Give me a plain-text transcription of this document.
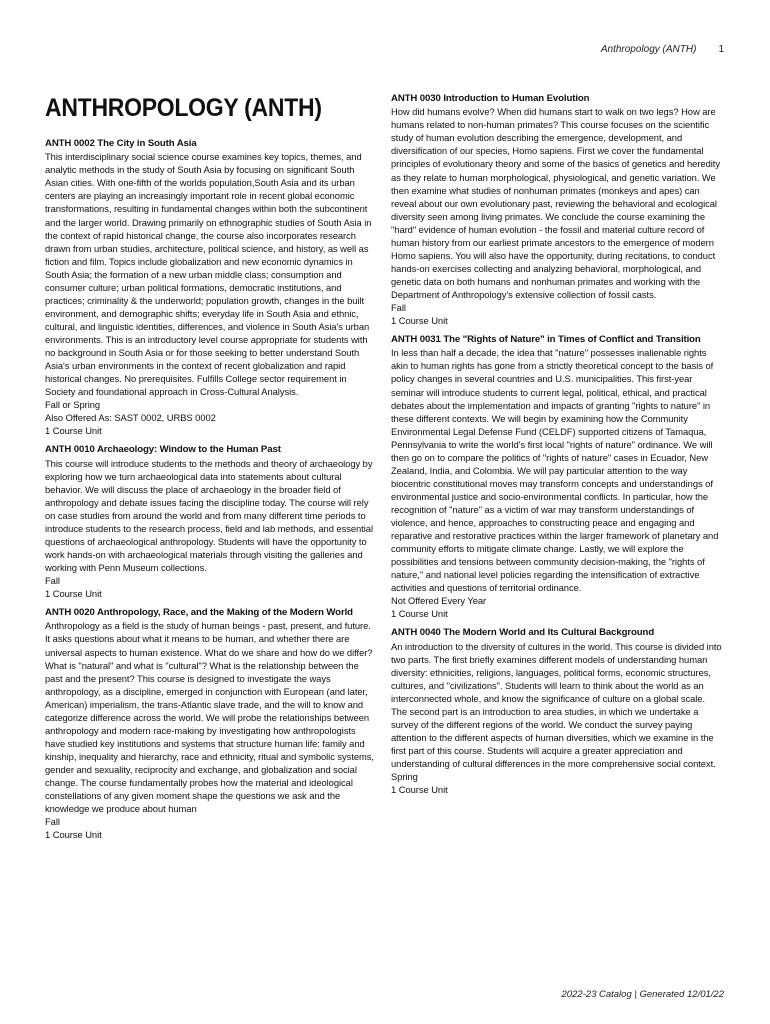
Anthropology (ANTH) 1
ANTHROPOLOGY (ANTH)
ANTH 0002 The City in South Asia

This interdisciplinary social science course examines key topics, themes, and analytic methods in the study of South Asia by focusing on significant South Asian cities. With one-fifth of the worlds population,South Asia and its urban centers are playing an increasingly important role in recent global economic transformations, resulting in fundamental changes within both the subcontinent and the larger world. Drawing primarily on ethnographic studies of South Asia in the context of rapid historical change, the course also incorporates research drawn from urban studies, architecture, political science, and history, as well as fiction and film. Topics include globalization and new economic dynamics in South Asia; the formation of a new urban middle class; consumption and consumer culture; urban political formations, democratic institutions, and practices; criminality & the underworld; population growth, changes in the built environment, and demographic shifts; everyday life in South Asia and ethnic, cultural, and linguistic identities, differences, and violence in South Asia's urban environments. This is an introductory level course appropriate for students with no background in South Asia or for those seeking to better understand South Asia's urban environments in the context of recent globalization and rapid historical changes. No prerequisites. Fulfills College sector requirement in Society and foundational approach in Cross-Cultural Analysis.

Fall or Spring
Also Offered As: SAST 0002, URBS 0002
1 Course Unit
ANTH 0010 Archaeology: Window to the Human Past

This course will introduce students to the methods and theory of archaeology by exploring how we turn archaeological data into statements about cultural behavior. We will discuss the place of archaeology in the broader field of anthropology and debate issues facing the discipline today. The course will rely on case studies from around the world and from many different time periods to introduce students to the research process, field and lab methods, and essential questions of archaeological anthropology. Students will have the opportunity to work hands-on with archaeological materials through visiting the galleries and working with Penn Museum collections.

Fall
1 Course Unit
ANTH 0020 Anthropology, Race, and the Making of the Modern World

Anthropology as a field is the study of human beings - past, present, and future. It asks questions about what it means to be human, and whether there are universal aspects to human existence. What do we share and how do we differ? What is "natural" and what is "cultural"? What is the relationship between the past and the present? This course is designed to investigate the ways anthropology, as a discipline, emerged in conjunction with European (and later, American) imperialism, the trans-Atlantic slave trade, and the will to know and categorize difference across the world. We will probe the relationships between anthropology and modern race-making by investigating how anthropologists have studied key institutions and systems that structure human life: family and kinship, inequality and hierarchy, race and ethnicity, ritual and symbolic systems, gender and sexuality, reciprocity and exchange, and globalization and social change. The course fundamentally probes how the material and ideological constellations of any given moment shape the questions we ask and the knowledge we produce about human

Fall
1 Course Unit
ANTH 0030 Introduction to Human Evolution

How did humans evolve? When did humans start to walk on two legs? How are humans related to non-human primates? This course focuses on the scientific study of human evolution describing the emergence, development, and diversification of our species, Homo sapiens. First we cover the fundamental principles of evolutionary theory and some of the basics of genetics and heredity as they relate to human morphological, physiological, and genetic variation. We then examine what studies of nonhuman primates (monkeys and apes) can reveal about our own evolutionary past, reviewing the behavioral and ecological diversity seen among living primates. We conclude the course examining the "hard" evidence of human evolution - the fossil and material culture record of human history from our earliest primate ancestors to the emergence of modern Homo sapiens. You will also have the opportunity, during recitations, to conduct hands-on exercises collecting and analyzing behavioral, morphological, and genetic data on both humans and nonhuman primates and working with the Department of Anthropology's extensive collection of fossil casts.

Fall
1 Course Unit
ANTH 0031 The "Rights of Nature" in Times of Conflict and Transition

In less than half a decade, the idea that "nature" possesses inalienable rights akin to human rights has gone from a strictly theoretical concept to the basis of policy changes in several countries and U.S. municipalities. This first-year seminar will introduce students to current legal, political, ethical, and practical debates about the implementation and impacts of granting "rights to nature" in these different contexts. We will begin by examining how the Community Environmental Legal Defense Fund (CELDF) supported citizens of Tamaqua, Pennsylvania to write the world's first local "rights of nature" ordinance. We will then go on to compare the politics of "rights of nature" cases in Ecuador, New Zealand, India, and Colombia. We will pay particular attention to the way biocentric constitutional moves may transform concepts and understandings of environmental justice and socio-environmental conflicts. In particular, how the recognition of "nature" as a victim of war may transform understandings of violence, and hence, approaches to constructing peace and engaging and reparative and restorative practices within the larger framework of planetary and community efforts to mitigate climate change. Lastly, we will explore the possibilities and tensions between community decision-making, the "rights of nature," and national level policies regarding the intensification of extractive activities and questions of territorial ordinance.

Not Offered Every Year
1 Course Unit
ANTH 0040 The Modern World and Its Cultural Background

An introduction to the diversity of cultures in the world. This course is divided into two parts. The first briefly examines different models of understanding human diversity: ethnicities, religions, languages, political forms, economic structures, cultures, and "civilizations". Students will learn to think about the world as an interconnected whole, and know the significance of culture on a global scale. The second part is an introduction to area studies, in which we undertake a survey of the different regions of the world. We conduct the survey paying attention to the different aspects of human diversities, which we examine in the first part of this course. Students will acquire a greater appreciation and understanding of cultural differences in the more comprehensive social context.

Spring
1 Course Unit
2022-23 Catalog | Generated 12/01/22
